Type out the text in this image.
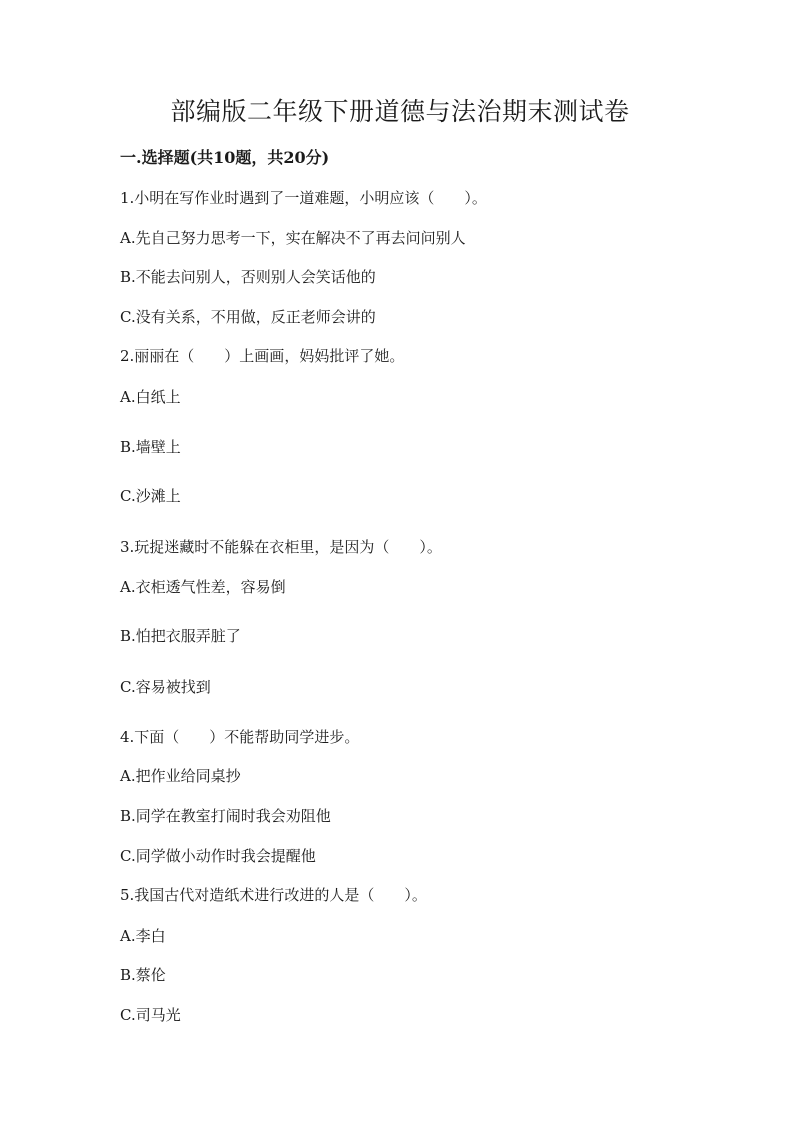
部编版二年级下册道德与法治期末测试卷
一.选择题(共10题，共20分)
1.小明在写作业时遇到了一道难题，小明应该（　　）。
A.先自己努力思考一下，实在解决不了再去问问别人
B.不能去问别人，否则别人会笑话他的
C.没有关系，不用做，反正老师会讲的
2.丽丽在（　　）上画画，妈妈批评了她。
A.白纸上
B.墙壁上
C.沙滩上
3.玩捉迷藏时不能躲在衣柜里，是因为（　　）。
A.衣柜透气性差，容易倒
B.怕把衣服弄脏了
C.容易被找到
4.下面（　　）不能帮助同学进步。
A.把作业给同桌抄
B.同学在教室打闹时我会劝阻他
C.同学做小动作时我会提醒他
5.我国古代对造纸术进行改进的人是（　　）。
A.李白
B.蔡伦
C.司马光
